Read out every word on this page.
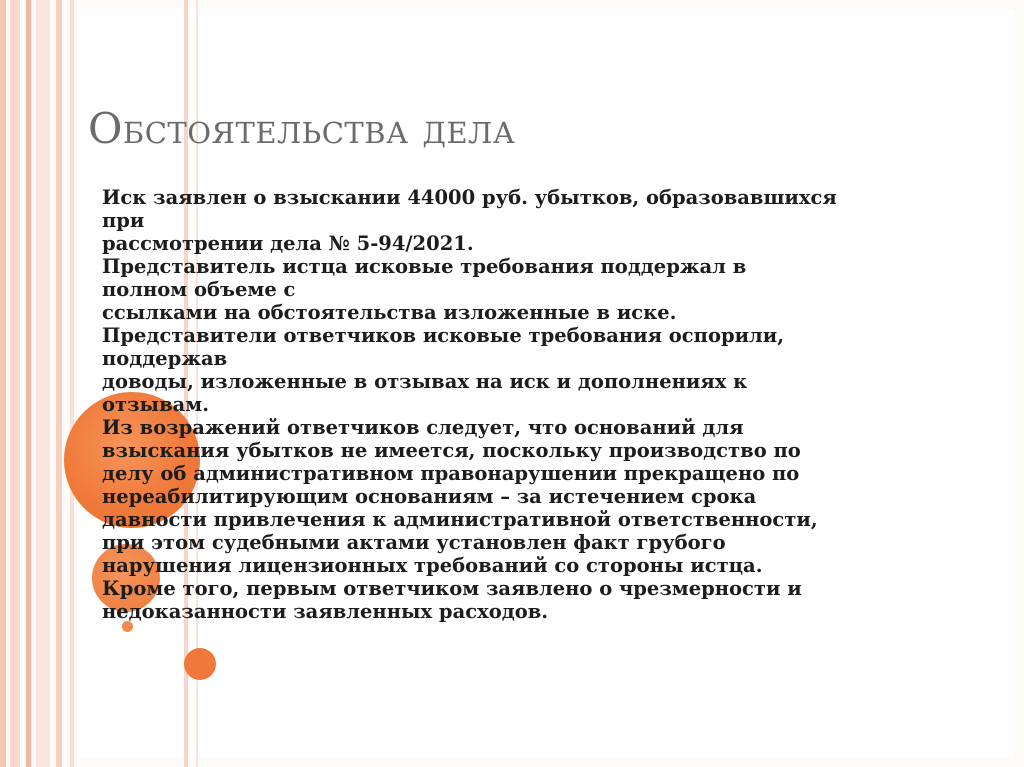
Обстоятельства дела
Иск заявлен о взыскании 44000 руб. убытков, образовавшихся
при
рассмотрении дела № 5-94/2021.
Представитель истца исковые требования поддержал в
полном объеме с
ссылками на обстоятельства изложенные в иске.
Представители ответчиков исковые требования оспорили,
поддержав
доводы, изложенные в отзывах на иск и дополнениях к
отзывам.
Из возражений ответчиков следует, что оснований для
взыскания убытков не имеется, поскольку производство по
делу об административном правонарушении прекращено по
нереабилитирующим основаниям – за истечением срока
давности привлечения к административной ответственности,
при этом судебными актами установлен факт грубого
нарушения лицензионных требований со стороны истца.
Кроме того, первым ответчиком заявлено о чрезмерности и
недоказанности заявленных расходов.
